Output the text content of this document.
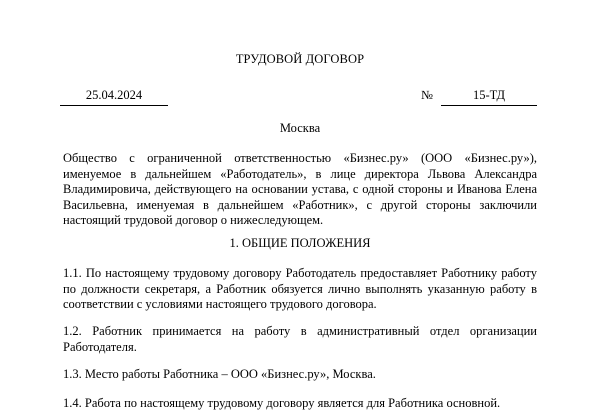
ТРУДОВОЙ ДОГОВОР
25.04.2024	№	15-ТД
Москва

Общество с ограниченной ответственностью «Бизнес.ру» (ООО «Бизнес.ру»), именуемое в дальнейшем «Работодатель», в лице директора Львова Александра Владимировича, действующего на основании устава, с одной стороны и Иванова Елена Васильевна, именуемая в дальнейшем «Работник», с другой стороны заключили настоящий трудовой договор о нижеследующем.

1. ОБЩИЕ ПОЛОЖЕНИЯ

1.1. По настоящему трудовому договору Работодатель предоставляет Работнику работу по должности секретаря, а Работник обязуется лично выполнять указанную работу в соответствии с условиями настоящего трудового договора.

1.2. Работник принимается на работу в административный отдел организации Работодателя.

1.3. Место работы Работника – ООО «Бизнес.ру», Москва.

1.4. Работа по настоящему трудовому договору является для Работника основной.
